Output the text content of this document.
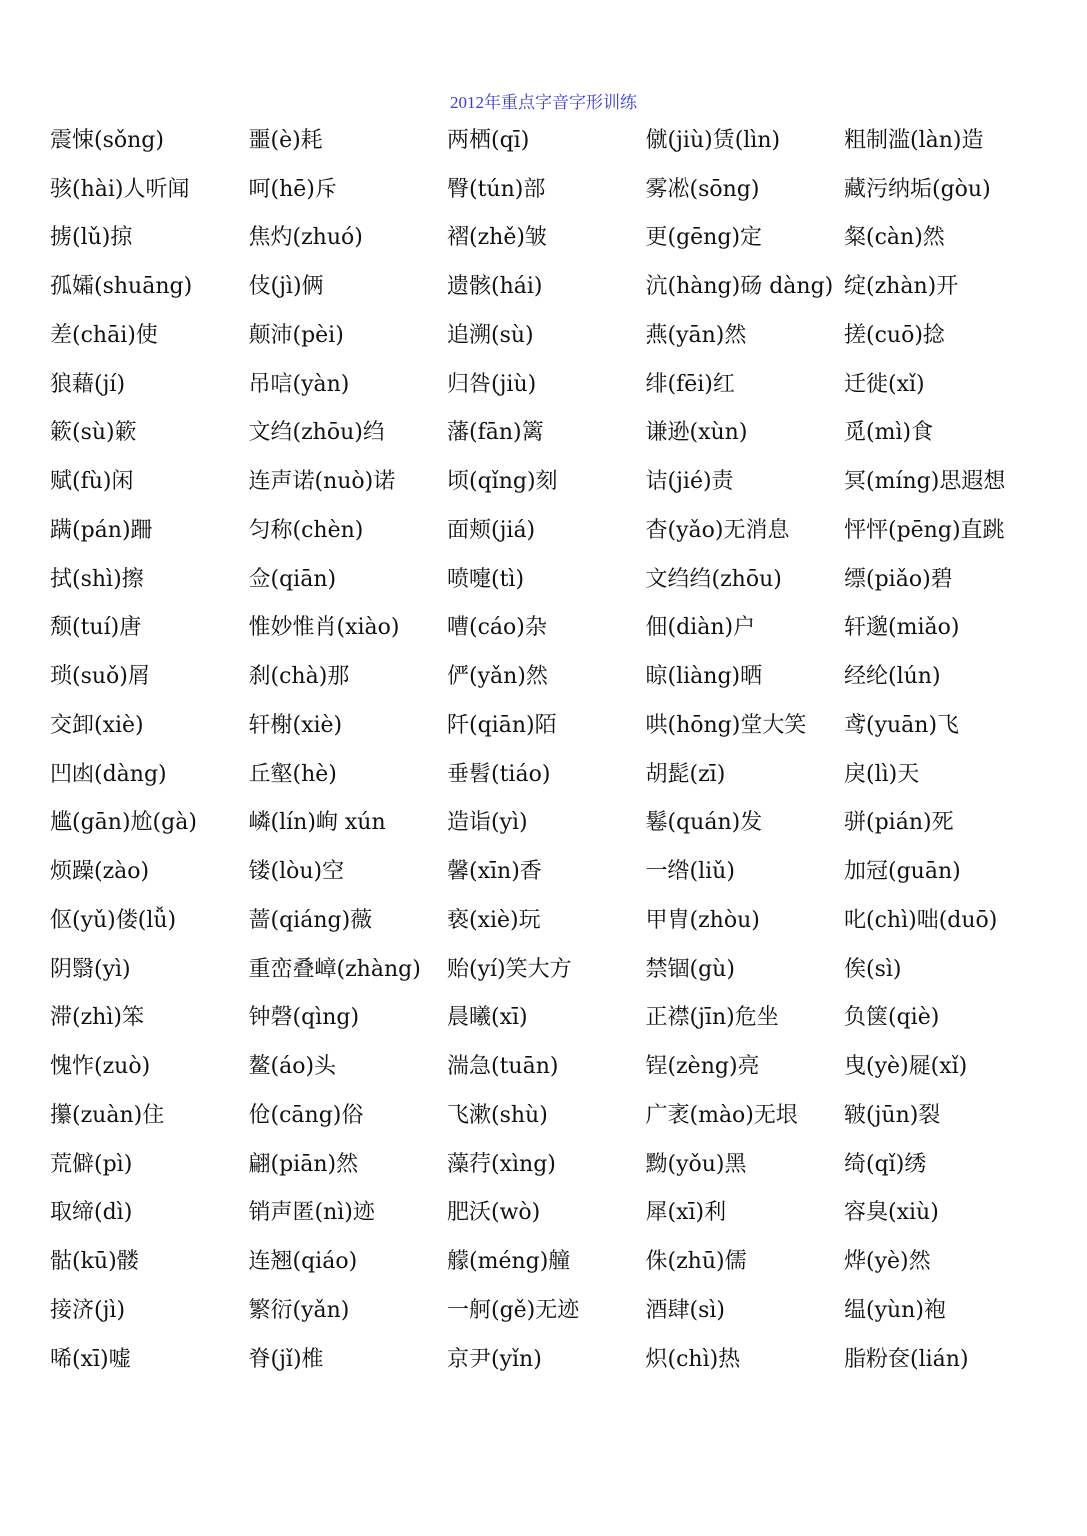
2012年重点字音字形训练
震悚(sǒng)	噩(è)耗	两栖(qī)	僦(jiù)赁(lìn)	粗制滥(làn)造
骇(hài)人听闻	呵(hē)斥	臀(tún)部	雾凇(sōng)	藏污纳垢(gòu)
掳(lǔ)掠	焦灼(zhuó)	褶(zhě)皱	更(gēng)定	粲(càn)然
孤孀(shuāng)	伎(jì)俩	遗骸(hái)	沆(hàng)砀 dàng) 绽(zhàn)开
差(chāi)使	颠沛(pèi)	追溯(sù)	燕(yān)然	搓(cuō)捻
狼藉(jí)	吊唁(yàn)	归咎(jiù)	绯(fēi)红	迁徙(xǐ)
簌(sù)簌	文绉(zhōu)绉	藩(fān)篱	谦逊(xùn)	觅(mì)食
赋(fù)闲	连声诺(nuò)诺	顷(qǐng)刻	诘(jié)责	冥(míng)思遐想
蹒(pán)跚	匀称(chèn)	面颊(jiá)	杳(yǎo)无消息	怦怦(pēng)直跳
拭(shì)擦	佥(qiān)	喷嚏(tì)	文绉绉(zhōu)	缥(piǎo)碧
颓(tuí)唐	惟妙惟肖(xiào)	嘈(cáo)杂	佃(diàn)户	轩邈(miǎo)
琐(suǒ)屑	刹(chà)那	俨(yǎn)然	晾(liàng)晒	经纶(lún)
交卸(xiè)	轩榭(xiè)	阡(qiān)陌	哄(hōng)堂大笑	鸢(yuān)飞
凹凼(dàng)	丘壑(hè)	垂髫(tiáo)	胡髭(zī)	戾(lì)天
尴(gān)尬(gà)	嶙(lín)峋 xún	造诣(yì)	鬈(quán)发	骈(pián)死
烦躁(zào)	镂(lòu)空	馨(xīn)香	一绺(liǔ)	加冠(guān)
伛(yǔ)偻(lǚ)	蔷(qiáng)薇	亵(xiè)玩	甲胄(zhòu)	叱(chì)咄(duō)
阴翳(yì)	重峦叠嶂(zhàng)	贻(yí)笑大方	禁锢(gù)	俟(sì)
滞(zhì)笨	钟磬(qìng)	晨曦(xī)	正襟(jīn)危坐	负箧(qiè)
愧怍(zuò)	鳌(áo)头	湍急(tuān)	锃(zèng)亮	曳(yè)屣(xǐ)
攥(zuàn)住	伧(cāng)俗	飞漱(shù)	广袤(mào)无垠	皲(jūn)裂
荒僻(pì)	翩(piān)然	藻荇(xìng)	黝(yǒu)黑	绮(qǐ)绣
取缔(dì)	销声匿(nì)迹	肥沃(wò)	犀(xī)利	容臭(xiù)
骷(kū)髅	连翘(qiáo)	艨(méng)艟	侏(zhū)儒	烨(yè)然
接济(jì)	繁衍(yǎn)	一舸(gě)无迹	酒肆(sì)	缊(yùn)袍
唏(xī)嘘	脊(jǐ)椎	京尹(yǐn)	炽(chì)热	脂粉奁(lián)
